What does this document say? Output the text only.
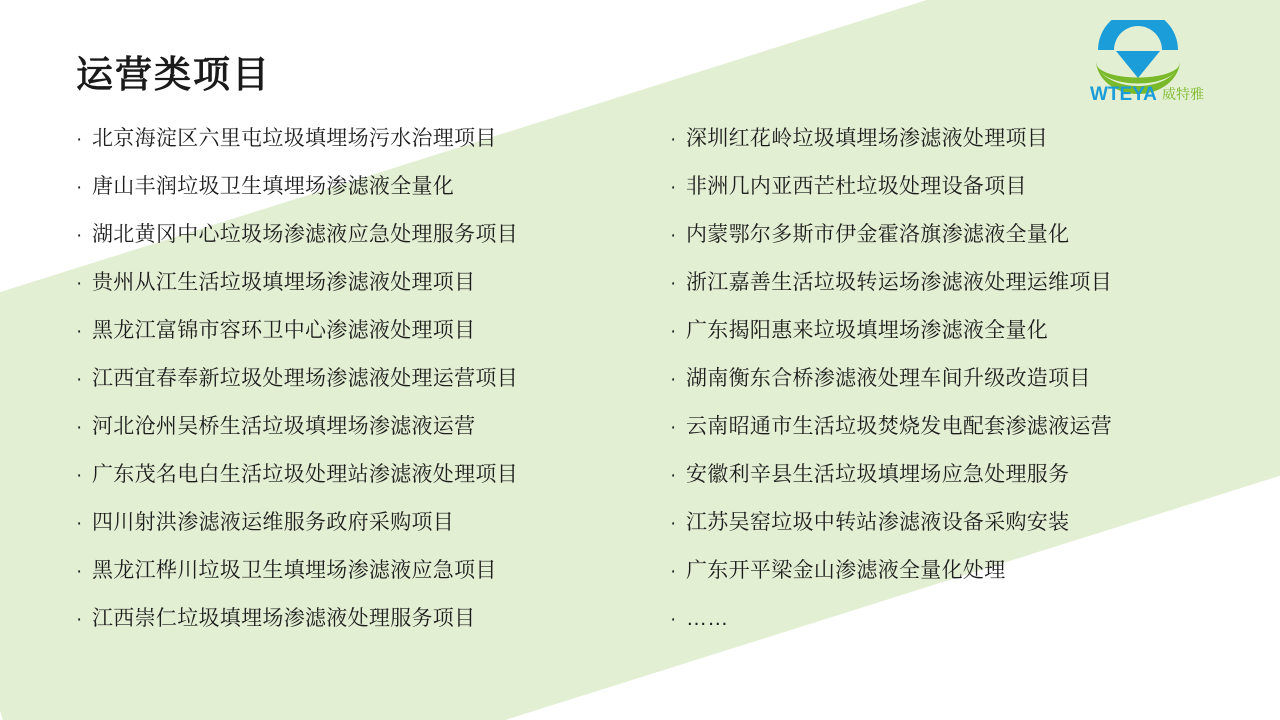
运营类项目	WTEYA 威特雅
· 北京海淀区六里屯垃圾填埋场污水治理项目
· 唐山丰润垃圾卫生填埋场渗滤液全量化
· 湖北黄冈中心垃圾场渗滤液应急处理服务项目
· 贵州从江生活垃圾填埋场渗滤液处理项目
· 黑龙江富锦市容环卫中心渗滤液处理项目
· 江西宜春奉新垃圾处理场渗滤液处理运营项目
· 河北沧州吴桥生活垃圾填埋场渗滤液运营
· 广东茂名电白生活垃圾处理站渗滤液处理项目
· 四川射洪渗滤液运维服务政府采购项目
· 黑龙江桦川垃圾卫生填埋场渗滤液应急项目
· 江西崇仁垃圾填埋场渗滤液处理服务项目
· 深圳红花岭垃圾填埋场渗滤液处理项目
· 非洲几内亚西芒杜垃圾处理设备项目
· 内蒙鄂尔多斯市伊金霍洛旗渗滤液全量化
· 浙江嘉善生活垃圾转运场渗滤液处理运维项目
· 广东揭阳惠来垃圾填埋场渗滤液全量化
· 湖南衡东合桥渗滤液处理车间升级改造项目
· 云南昭通市生活垃圾焚烧发电配套渗滤液运营
· 安徽利辛县生活垃圾填埋场应急处理服务
· 江苏吴窑垃圾中转站渗滤液设备采购安装
· 广东开平梁金山渗滤液全量化处理
· ……
